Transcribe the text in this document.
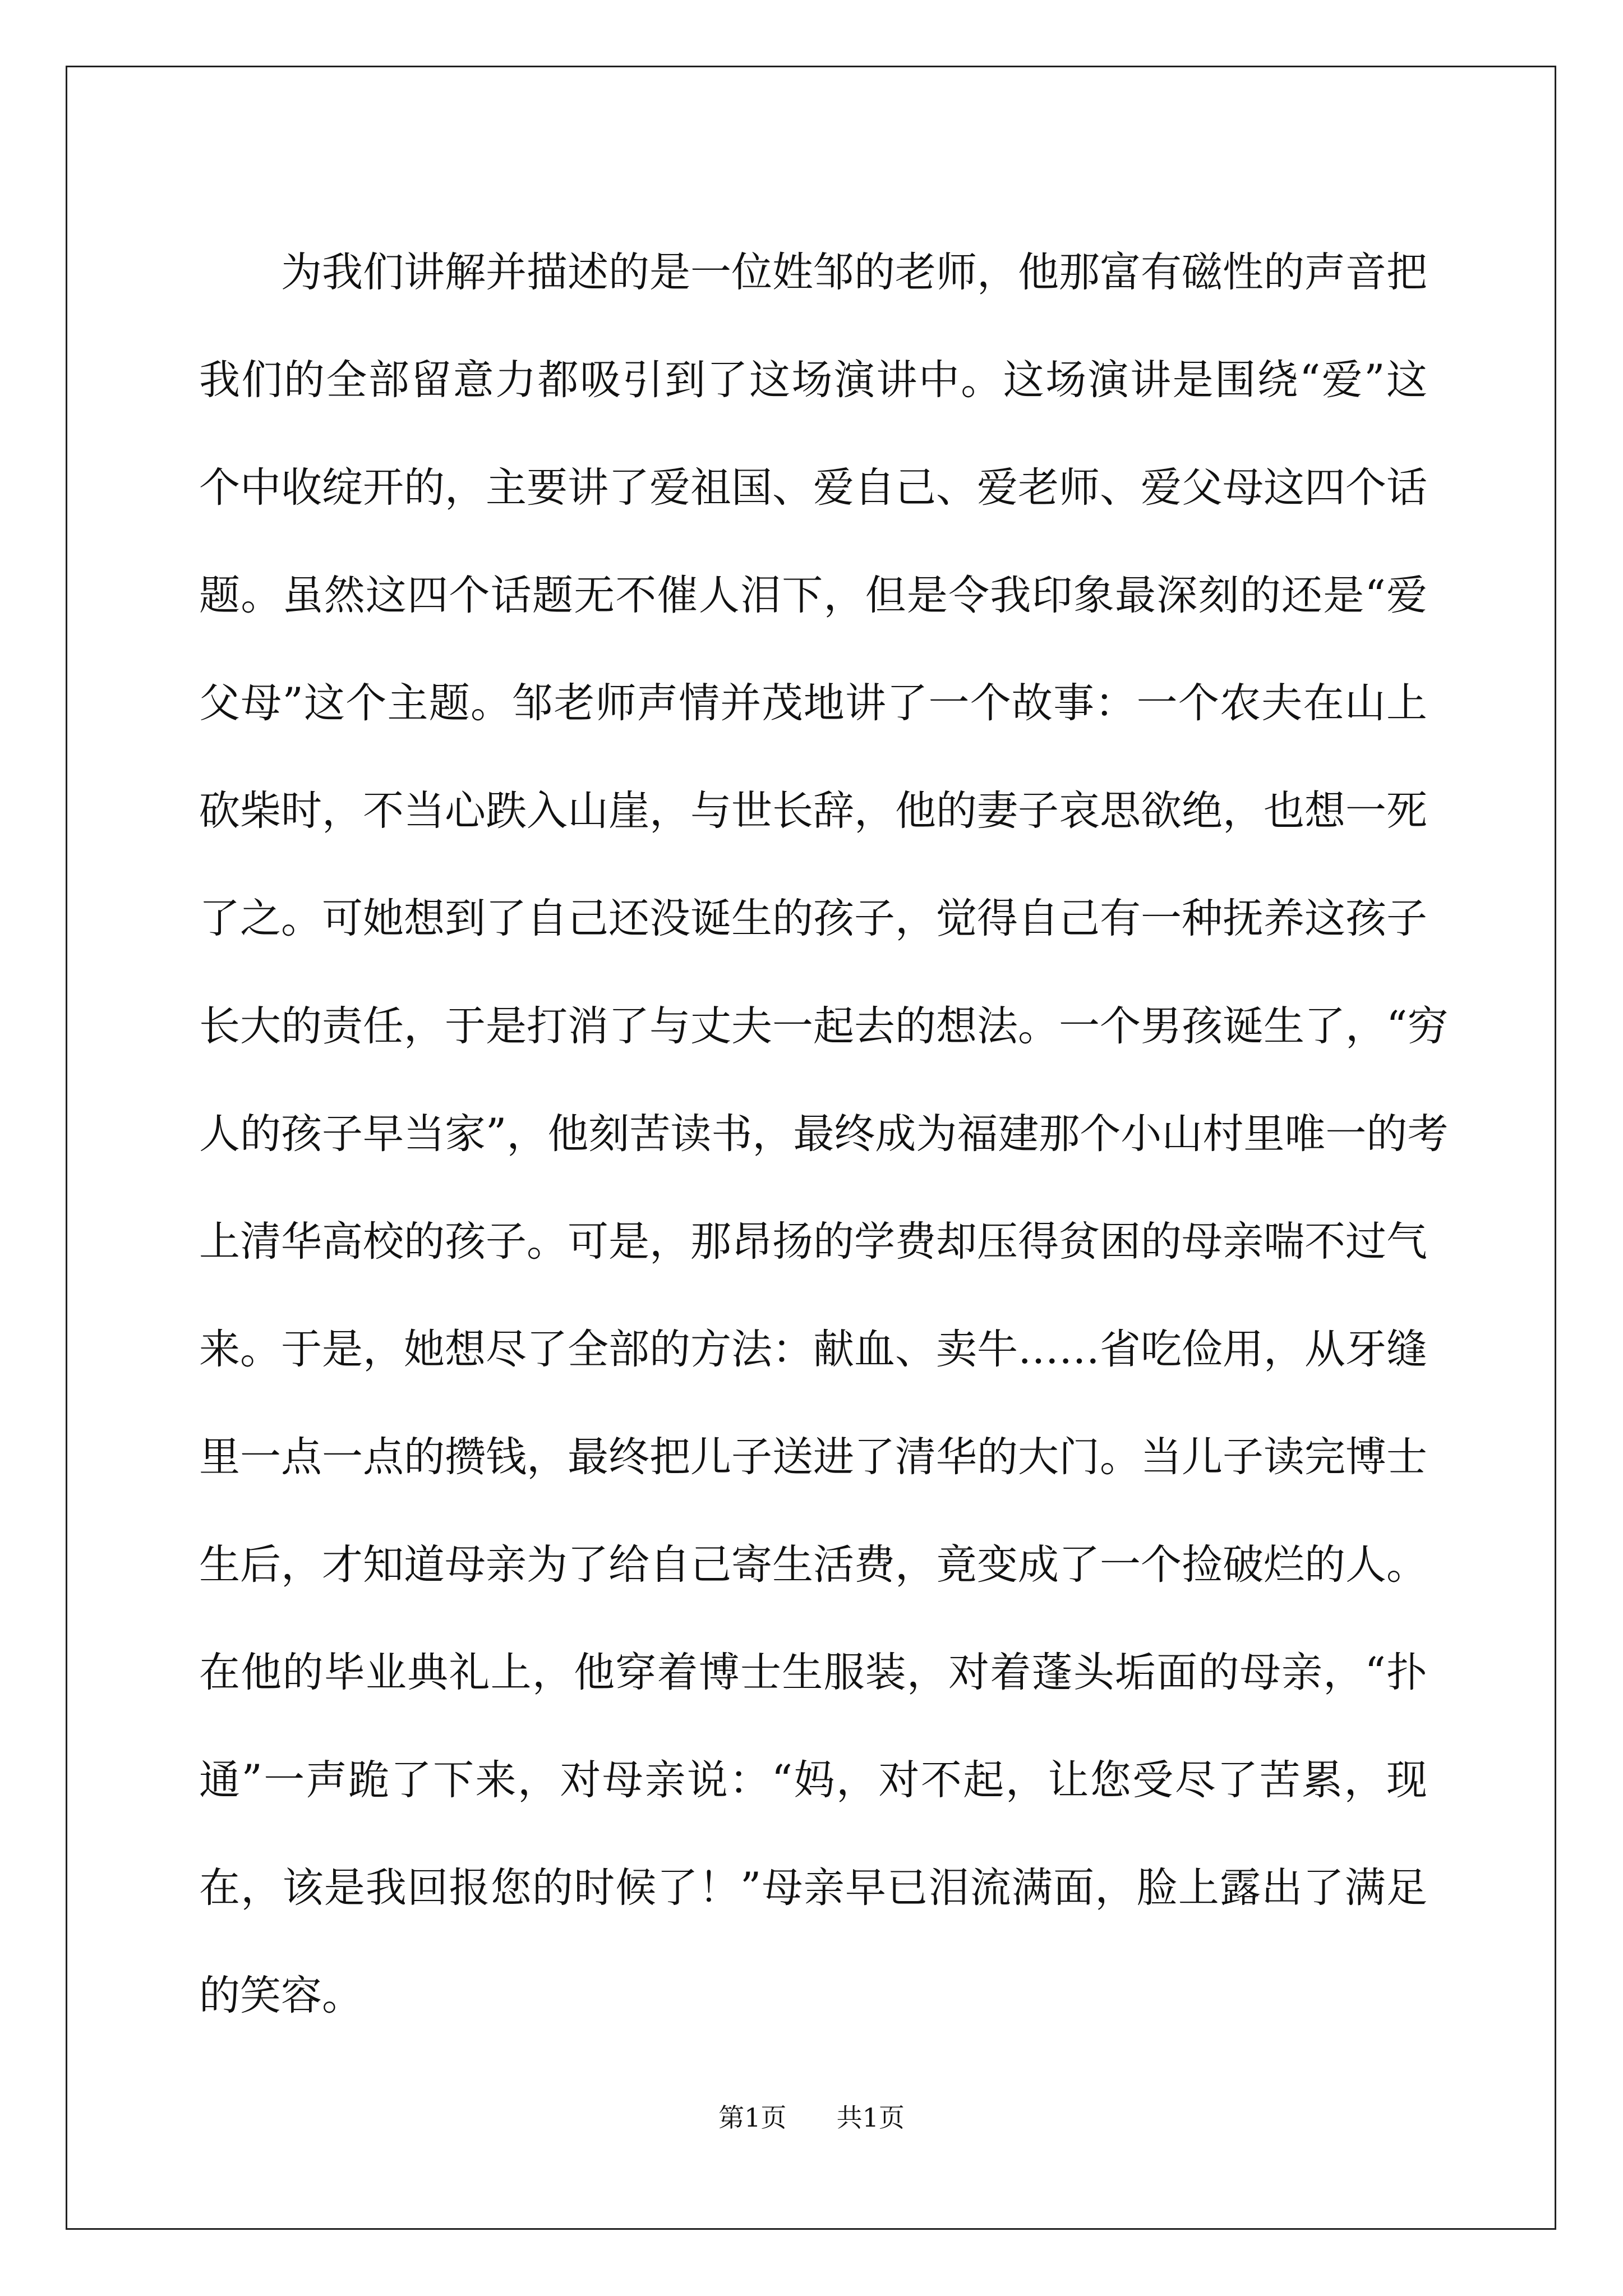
为我们讲解并描述的是一位姓邹的老师，他那富有磁性的声音把
我们的全部留意力都吸引到了这场演讲中。这场演讲是围绕“爱”这
个中收绽开的，主要讲了爱祖国、爱自己、爱老师、爱父母这四个话
题。虽然这四个话题无不催人泪下，但是令我印象最深刻的还是“爱
父母”这个主题。邹老师声情并茂地讲了一个故事：一个农夫在山上
砍柴时，不当心跌入山崖，与世长辞，他的妻子哀思欲绝，也想一死
了之。可她想到了自己还没诞生的孩子，觉得自己有一种抚养这孩子
长大的责任，于是打消了与丈夫一起去的想法。一个男孩诞生了，“穷
人的孩子早当家”，他刻苦读书，最终成为福建那个小山村里唯一的考
上清华高校的孩子。可是，那昂扬的学费却压得贫困的母亲喘不过气
来。于是，她想尽了全部的方法：献血、卖牛……省吃俭用，从牙缝
里一点一点的攒钱，最终把儿子送进了清华的大门。当儿子读完博士
生后，才知道母亲为了给自己寄生活费，竟变成了一个捡破烂的人。
在他的毕业典礼上，他穿着博士生服装，对着蓬头垢面的母亲，“扑
通”一声跪了下来，对母亲说：“妈，对不起，让您受尽了苦累，现
在，该是我回报您的时候了！”母亲早已泪流满面，脸上露出了满足
的笑容。
第1页 共1页
